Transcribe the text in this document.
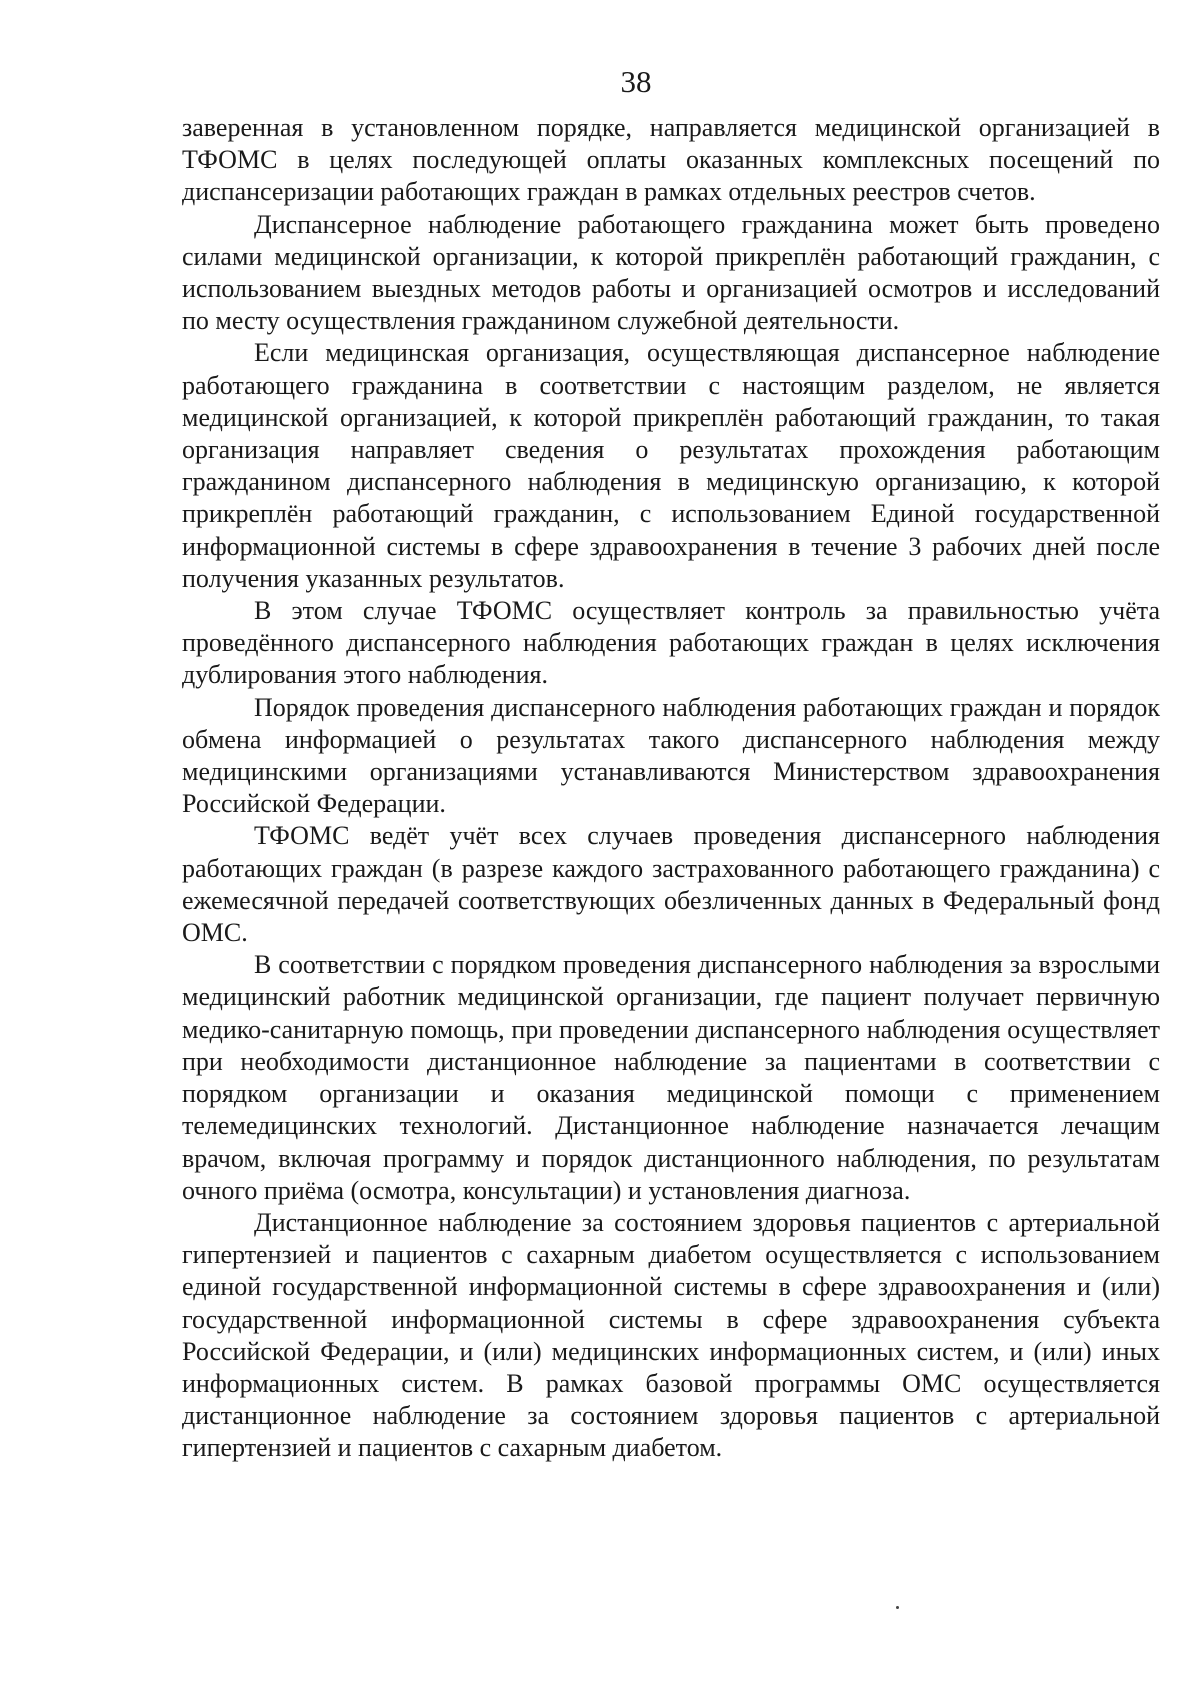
38

заверенная в установленном порядке, направляется медицинской организацией в ТФОМС в целях последующей оплаты оказанных комплексных посещений по диспансеризации работающих граждан в рамках отдельных реестров счетов.

Диспансерное наблюдение работающего гражданина может быть проведено силами медицинской организации, к которой прикреплён работающий гражданин, с использованием выездных методов работы и организацией осмотров и исследований по месту осуществления гражданином служебной деятельности.

Если медицинская организация, осуществляющая диспансерное наблюдение работающего гражданина в соответствии с настоящим разделом, не является медицинской организацией, к которой прикреплён работающий гражданин, то такая организация направляет сведения о результатах прохождения работающим гражданином диспансерного наблюдения в медицинскую организацию, к которой прикреплён работающий гражданин, с использованием Единой государственной информационной системы в сфере здравоохранения в течение 3 рабочих дней после получения указанных результатов.

В этом случае ТФОМС осуществляет контроль за правильностью учёта проведённого диспансерного наблюдения работающих граждан в целях исключения дублирования этого наблюдения.

Порядок проведения диспансерного наблюдения работающих граждан и порядок обмена информацией о результатах такого диспансерного наблюдения между медицинскими организациями устанавливаются Министерством здравоохранения Российской Федерации.

ТФОМС ведёт учёт всех случаев проведения диспансерного наблюдения работающих граждан (в разрезе каждого застрахованного работающего гражданина) с ежемесячной передачей соответствующих обезличенных данных в Федеральный фонд ОМС.

В соответствии с порядком проведения диспансерного наблюдения за взрослыми медицинский работник медицинской организации, где пациент получает первичную медико-санитарную помощь, при проведении диспансерного наблюдения осуществляет при необходимости дистанционное наблюдение за пациентами в соответствии с порядком организации и оказания медицинской помощи с применением телемедицинских технологий. Дистанционное наблюдение назначается лечащим врачом, включая программу и порядок дистанционного наблюдения, по результатам очного приёма (осмотра, консультации) и установления диагноза.

Дистанционное наблюдение за состоянием здоровья пациентов с артериальной гипертензией и пациентов с сахарным диабетом осуществляется с использованием единой государственной информационной системы в сфере здравоохранения и (или) государственной информационной системы в сфере здравоохранения субъекта Российской Федерации, и (или) медицинских информационных систем, и (или) иных информационных систем. В рамках базовой программы ОМС осуществляется дистанционное наблюдение за состоянием здоровья пациентов с артериальной гипертензией и пациентов с сахарным диабетом.
